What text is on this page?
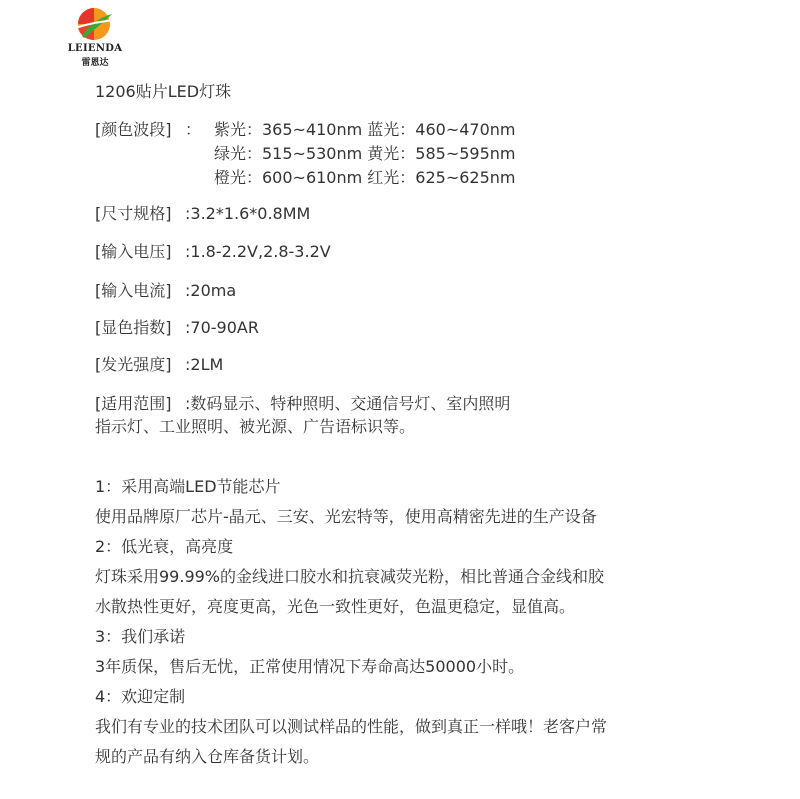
LEIENDA
雷恩达
1206贴片LED灯珠
[颜色波段] ： 紫光：365~410nm 蓝光：460~470nm
绿光：515~530nm 黄光：585~595nm
橙光：600~610nm 红光：625~625nm
[尺寸规格] :3.2*1.6*0.8MM
[输入电压] :1.8-2.2V,2.8-3.2V
[输入电流] :20ma
[显色指数] :70-90AR
[发光强度] :2LM
[适用范围] :数码显示、特种照明、交通信号灯、室内照明
指示灯、工业照明、被光源、广告语标识等。
1：采用高端LED节能芯片
使用品牌原厂芯片-晶元、三安、光宏特等，使用高精密先进的生产设备
2：低光衰，高亮度
灯珠采用99.99%的金线进口胶水和抗衰减荧光粉，相比普通合金线和胶
水散热性更好，亮度更高，光色一致性更好，色温更稳定，显值高。
3：我们承诺
3年质保，售后无忧，正常使用情况下寿命高达50000小时。
4：欢迎定制
我们有专业的技术团队可以测试样品的性能，做到真正一样哦！老客户常
规的产品有纳入仓库备货计划。
